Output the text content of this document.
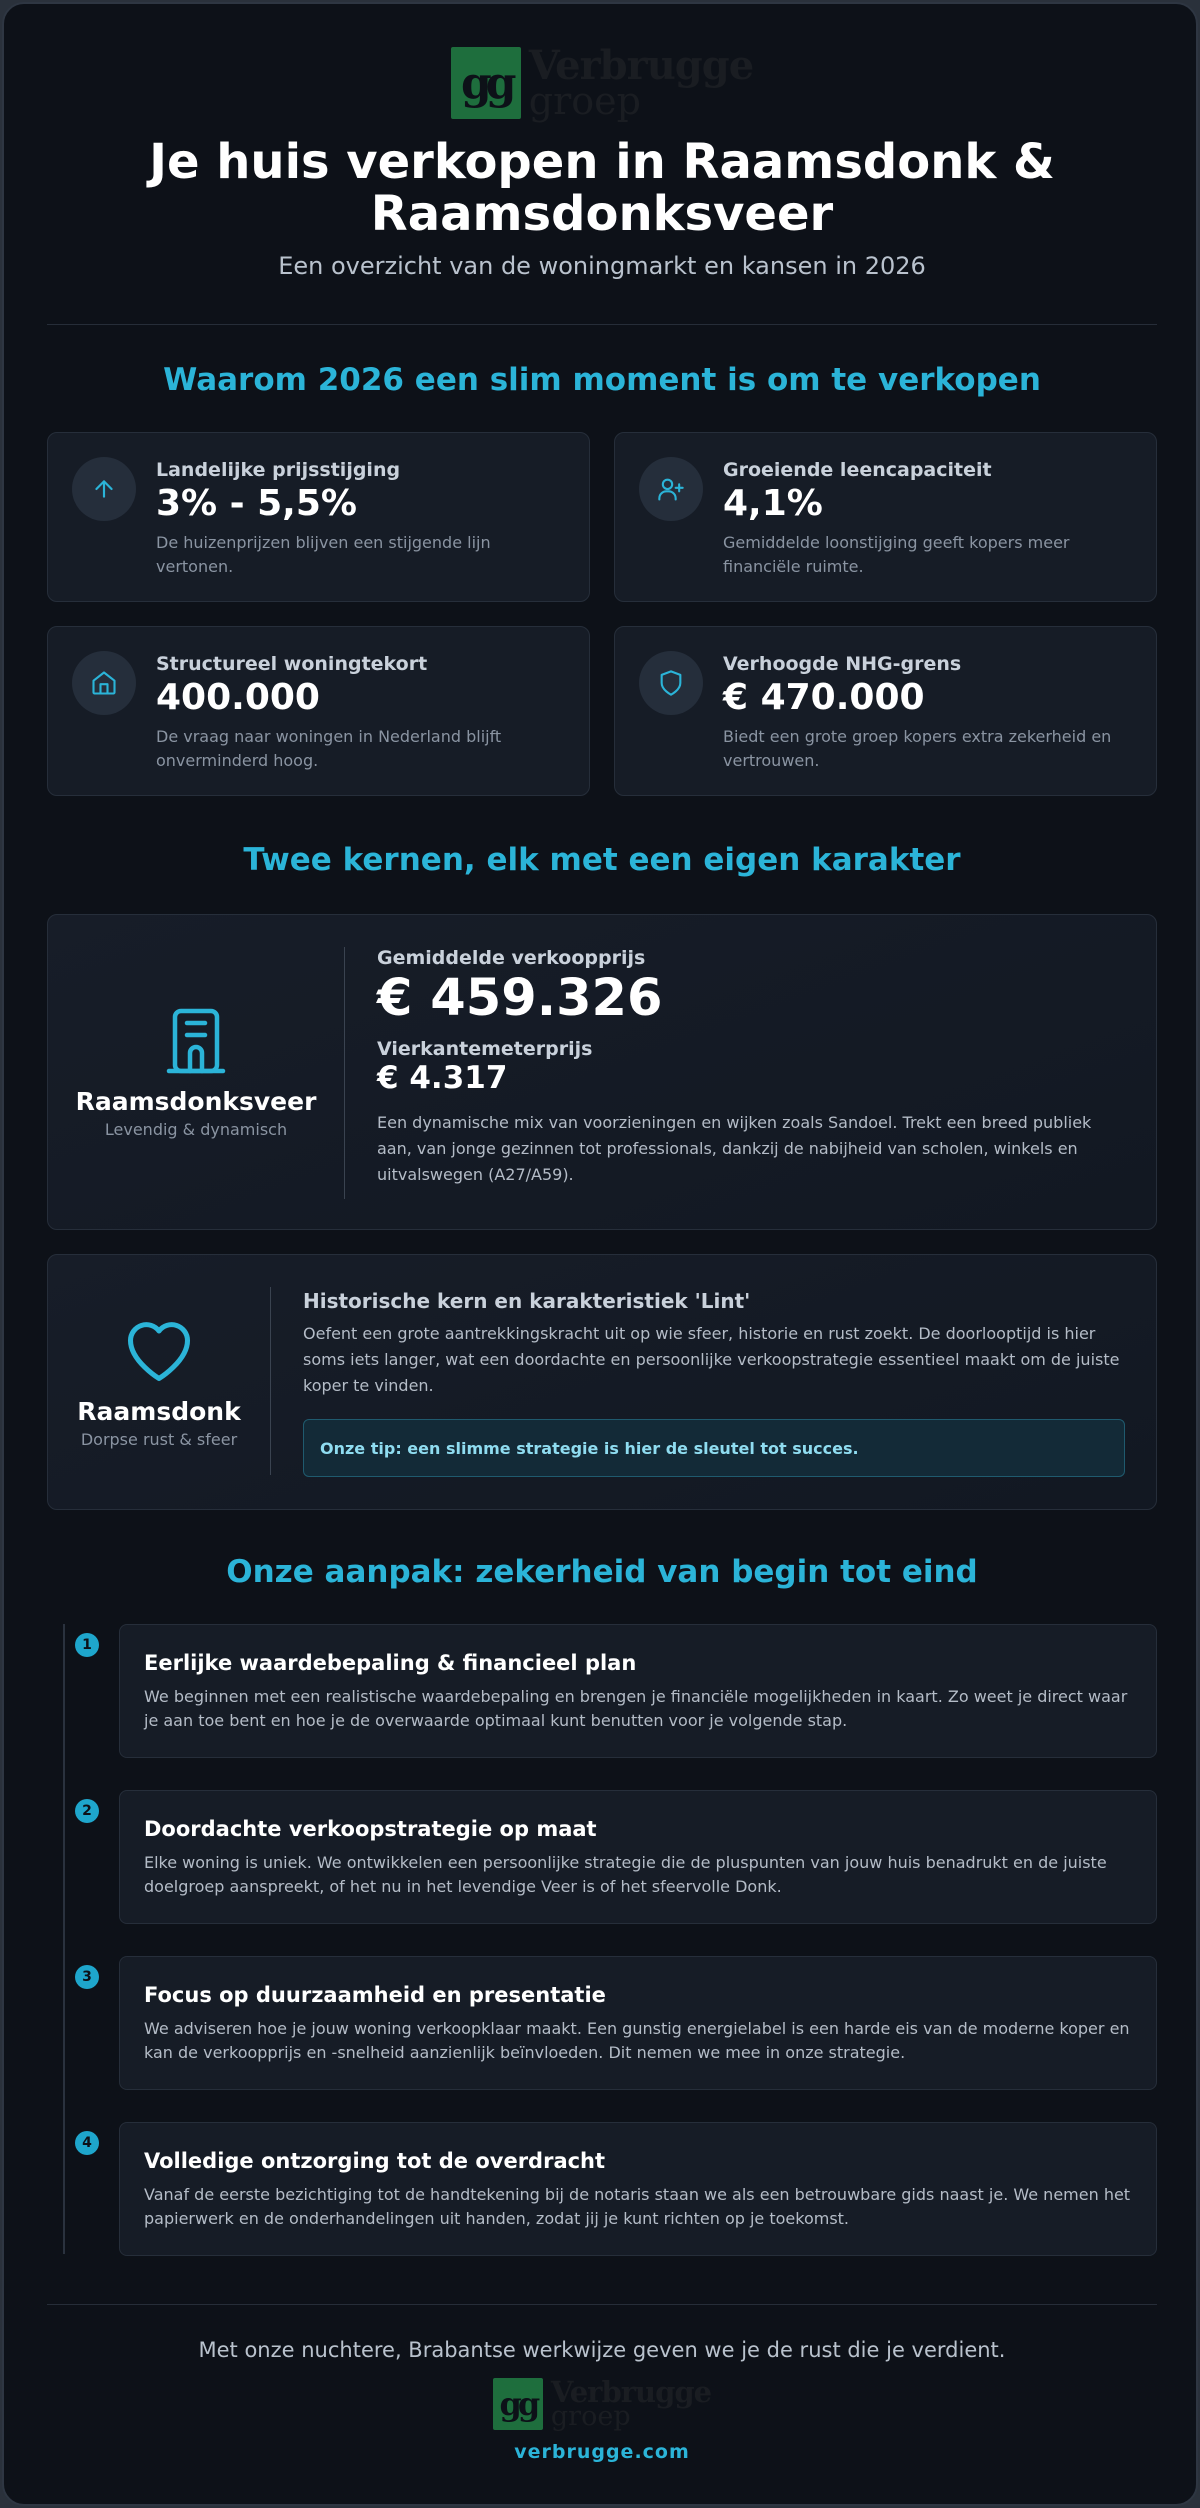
gg Verbrugge
groep
Je huis verkopen in Raamsdonk & Raamsdonksveer
Een overzicht van de woningmarkt en kansen in 2026
Waarom 2026 een slim moment is om te verkopen
Landelijke prijsstijging
3% - 5,5%
De huizenprijzen blijven een stijgende lijn vertonen.
Groeiende leencapaciteit
4,1%
Gemiddelde loonstijging geeft kopers meer financiële ruimte.
Structureel woningtekort
400.000
De vraag naar woningen in Nederland blijft onverminderd hoog.
Verhoogde NHG-grens
€ 470.000
Biedt een grote groep kopers extra zekerheid en vertrouwen.
Twee kernen, elk met een eigen karakter
Raamsdonksveer
Levendig & dynamisch
Gemiddelde verkoopprijs
€ 459.326
Vierkantemeterprijs
€ 4.317
Een dynamische mix van voorzieningen en wijken zoals Sandoel. Trekt een breed publiek aan, van jonge gezinnen tot professionals, dankzij de nabijheid van scholen, winkels en uitvalswegen (A27/A59).
Raamsdonk
Dorpse rust & sfeer
Historische kern en karakteristiek 'Lint'
Oefent een grote aantrekkingskracht uit op wie sfeer, historie en rust zoekt. De doorlooptijd is hier soms iets langer, wat een doordachte en persoonlijke verkoopstrategie essentieel maakt om de juiste koper te vinden.
Onze tip: een slimme strategie is hier de sleutel tot succes.
Onze aanpak: zekerheid van begin tot eind
1
Eerlijke waardebepaling & financieel plan
We beginnen met een realistische waardebepaling en brengen je financiële mogelijkheden in kaart. Zo weet je direct waar je aan toe bent en hoe je de overwaarde optimaal kunt benutten voor je volgende stap.
2
Doordachte verkoopstrategie op maat
Elke woning is uniek. We ontwikkelen een persoonlijke strategie die de pluspunten van jouw huis benadrukt en de juiste doelgroep aanspreekt, of het nu in het levendige Veer is of het sfeervolle Donk.
3
Focus op duurzaamheid en presentatie
We adviseren hoe je jouw woning verkoopklaar maakt. Een gunstig energielabel is een harde eis van de moderne koper en kan de verkoopprijs en -snelheid aanzienlijk beïnvloeden. Dit nemen we mee in onze strategie.
4
Volledige ontzorging tot de overdracht
Vanaf de eerste bezichtiging tot de handtekening bij de notaris staan we als een betrouwbare gids naast je. We nemen het papierwerk en de onderhandelingen uit handen, zodat jij je kunt richten op je toekomst.
Met onze nuchtere, Brabantse werkwijze geven we je de rust die je verdient.
gg Verbrugge
groep
verbrugge.com
